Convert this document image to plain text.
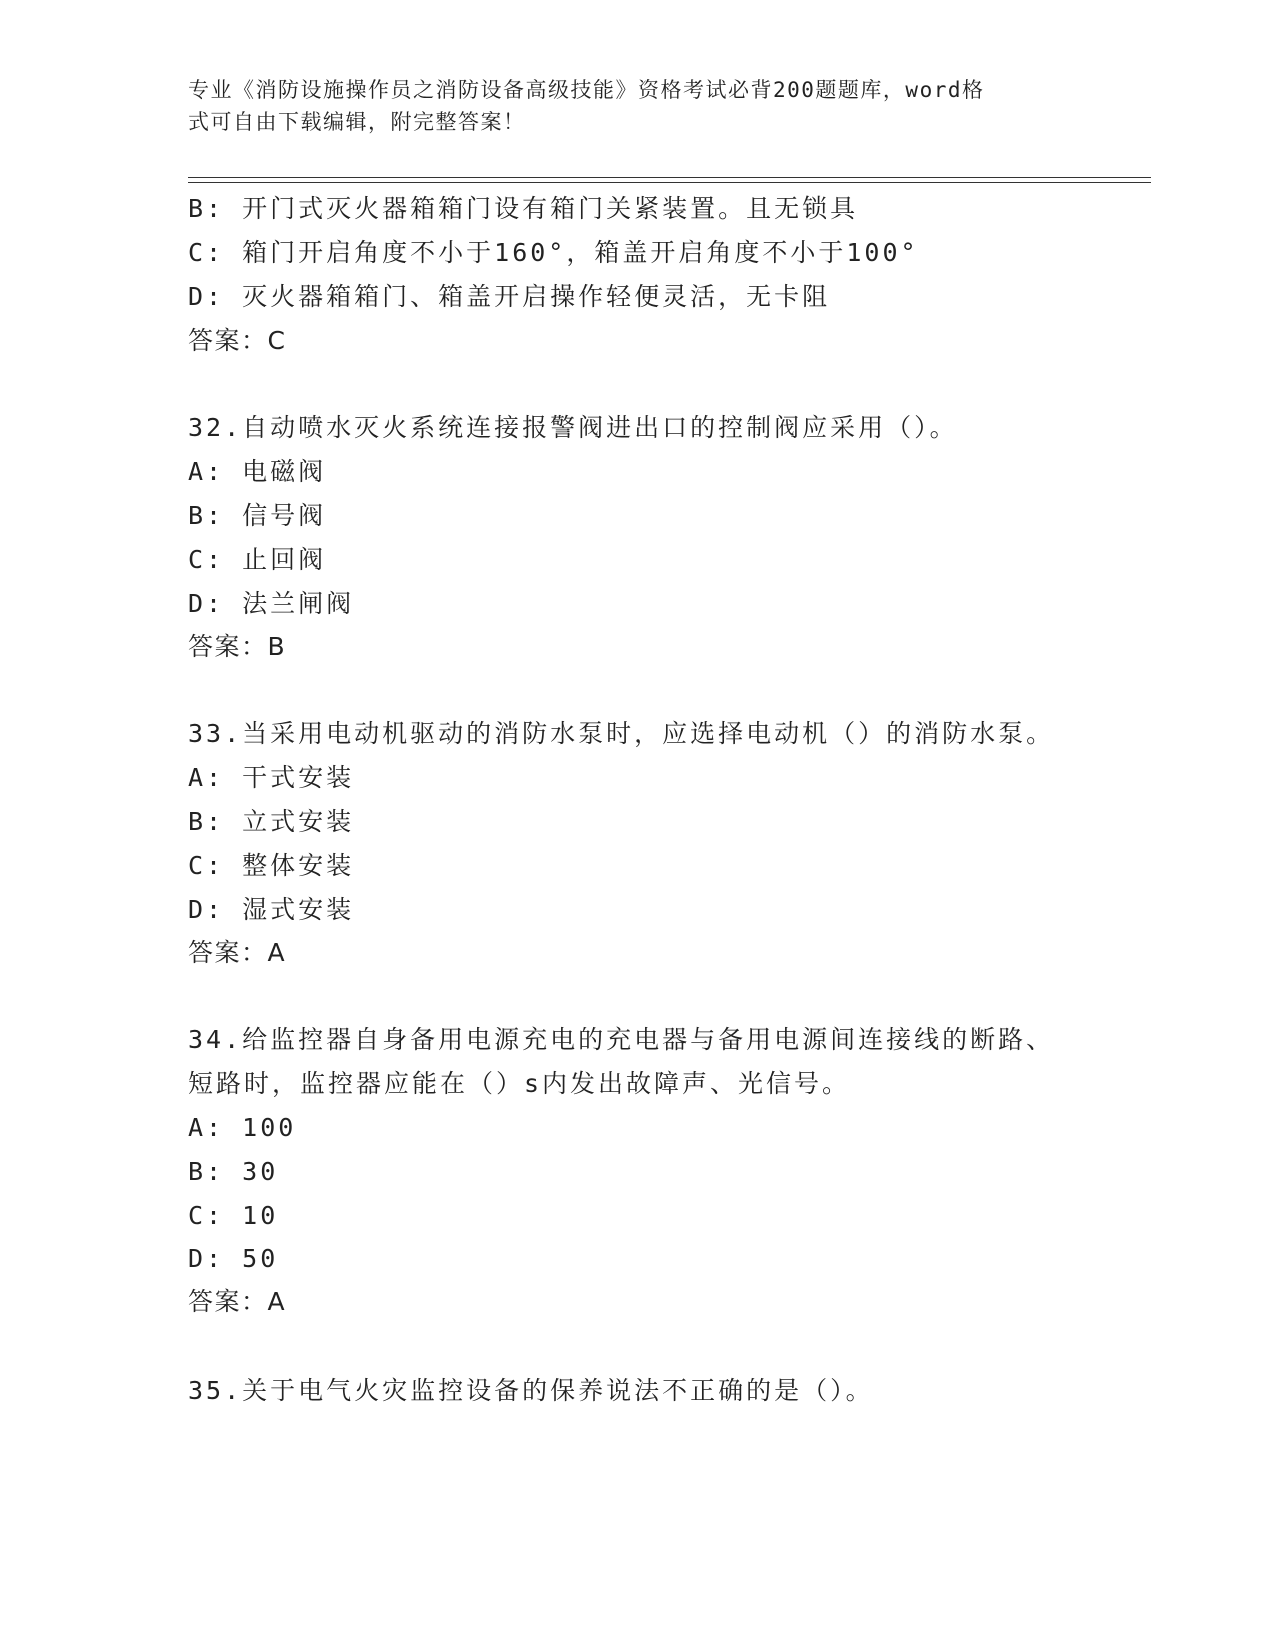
专业《消防设施操作员之消防设备高级技能》资格考试必背200题题库，word格
式可自由下载编辑，附完整答案！
B: 开门式灭火器箱箱门设有箱门关紧装置。且无锁具
C: 箱门开启角度不小于160°，箱盖开启角度不小于100°
D: 灭火器箱箱门、箱盖开启操作轻便灵活，无卡阻
答案：C
32.自动喷水灭火系统连接报警阀进出口的控制阀应采用（）。
A: 电磁阀
B: 信号阀
C: 止回阀
D: 法兰闸阀
答案：B
33.当采用电动机驱动的消防水泵时，应选择电动机（）的消防水泵。
A: 干式安装
B: 立式安装
C: 整体安装
D: 湿式安装
答案：A
34.给监控器自身备用电源充电的充电器与备用电源间连接线的断路、
短路时，监控器应能在（）s内发出故障声、光信号。
A: 100
B: 30
C: 10
D: 50
答案：A
35.关于电气火灾监控设备的保养说法不正确的是（）。
